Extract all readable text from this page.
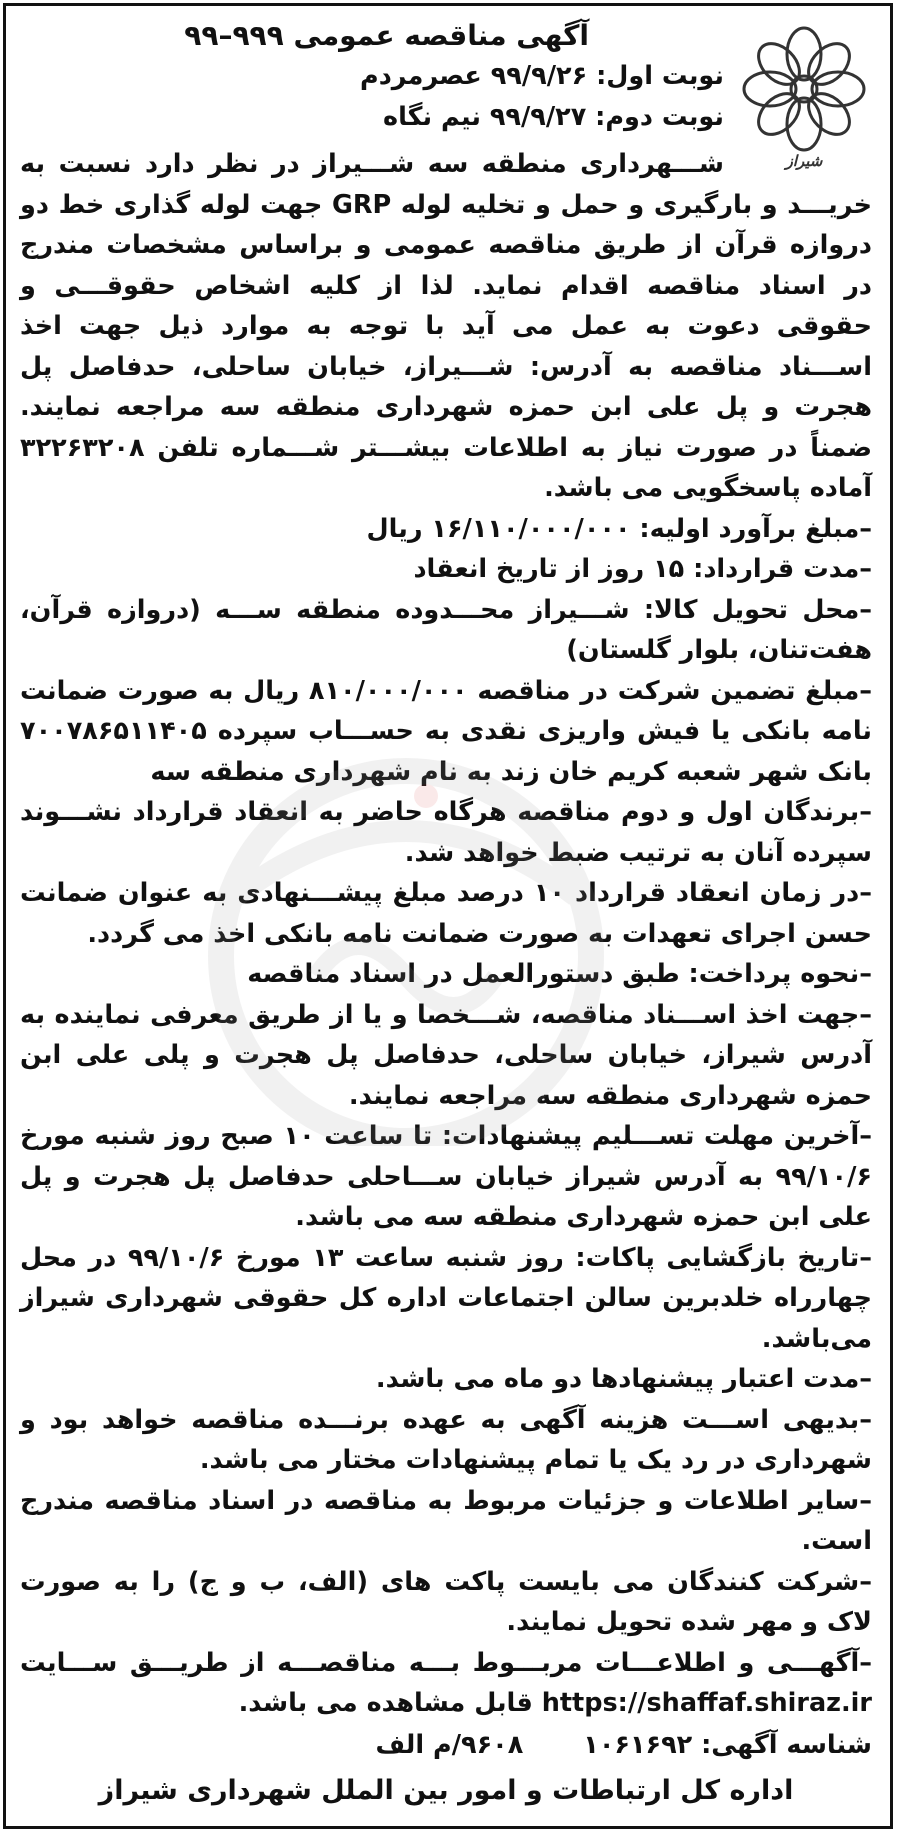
شیراز
آگهی مناقصه عمومی ۹۹۹–۹۹
نوبت اول: ۹۹/۹/۲۶ عصرمردم
نوبت دوم: ۹۹/۹/۲۷ نیم نگاه
شـــهرداری منطقه سه شـــیراز در نظر دارد نسبت به خریـــد و بارگیری و حمل و تخلیه لوله GRP جهت لوله گذاری خط دو دروازه قرآن از طریق مناقصه عمومی و براساس مشخصات مندرج در اسناد مناقصه اقدام نماید. لذا از کلیه اشخاص حقوقـــی و حقوقی دعوت به عمل می آید با توجه به موارد ذیل جهت اخذ اســـناد مناقصه به آدرس: شـــیراز، خیابان ساحلی، حدفاصل پل هجرت و پل علی ابن حمزه شهرداری منطقه سه مراجعه نمایند. ضمناً در صورت نیاز به اطلاعات بیشـــتر شـــماره تلفن ۳۲۲۶۳۲۰۸ آماده پاسخگویی می باشد.
–مبلغ برآورد اولیه: ۱۶/۱۱۰/۰۰۰/۰۰۰ ریال
–مدت قرارداد: ۱۵ روز از تاریخ انعقاد
–محل تحویل کالا: شـــیراز محـــدوده منطقه ســـه (دروازه قرآن، هفت‌تنان، بلوار گلستان)
–مبلغ تضمین شرکت در مناقصه ۸۱۰/۰۰۰/۰۰۰ ریال به صورت ضمانت نامه بانکی یا فیش واریزی نقدی به حســـاب سپرده ۷۰۰۷۸۶۵۱۱۴۰۵ بانک شهر شعبه کریم خان زند به نام شهرداری منطقه سه
–برندگان اول و دوم مناقصه هرگاه حاضر به انعقاد قرارداد نشـــوند سپرده آنان به ترتیب ضبط خواهد شد.
–در زمان انعقاد قرارداد ۱۰ درصد مبلغ پیشـــنهادی به عنوان ضمانت حسن اجرای تعهدات به صورت ضمانت نامه بانکی اخذ می گردد.
–نحوه پرداخت: طبق دستورالعمل در اسناد مناقصه
–جهت اخذ اســـناد مناقصه، شـــخصا و یا از طریق معرفی نماینده به آدرس شیراز، خیابان ساحلی، حدفاصل پل هجرت و پلی علی ابن حمزه شهرداری منطقه سه مراجعه نمایند.
–آخرین مهلت تســـلیم پیشنهادات: تا ساعت ۱۰ صبح روز شنبه مورخ ۹۹/۱۰/۶ به آدرس شیراز خیابان ســـاحلی حدفاصل پل هجرت و پل علی ابن حمزه شهرداری منطقه سه می باشد.
–تاریخ بازگشایی پاکات: روز شنبه ساعت ۱۳ مورخ ۹۹/۱۰/۶ در محل چهارراه خلدبرین سالن اجتماعات اداره کل حقوقی شهرداری شیراز می‌باشد.
–مدت اعتبار پیشنهادها دو ماه می باشد.
–بدیهی اســـت هزینه آگهی به عهده برنـــده مناقصه خواهد بود و شهرداری در رد یک یا تمام پیشنهادات مختار می باشد.
–سایر اطلاعات و جزئیات مربوط به مناقصه در اسناد مناقصه مندرج است.
–شرکت کنندگان می بایست پاکت های (الف، ب و ج) را به صورت لاک و مهر شده تحویل نمایند.
–آگهـــی و اطلاعـــات مربـــوط بـــه مناقصـــه از طریـــق ســـایت https://shaffaf.shiraz.ir قابل مشاهده می باشد.
شناسه آگهی: ۱۰۶۱۶۹۲
۹۶۰۸/م الف
اداره کل ارتباطات و امور بین الملل شهرداری شیراز
